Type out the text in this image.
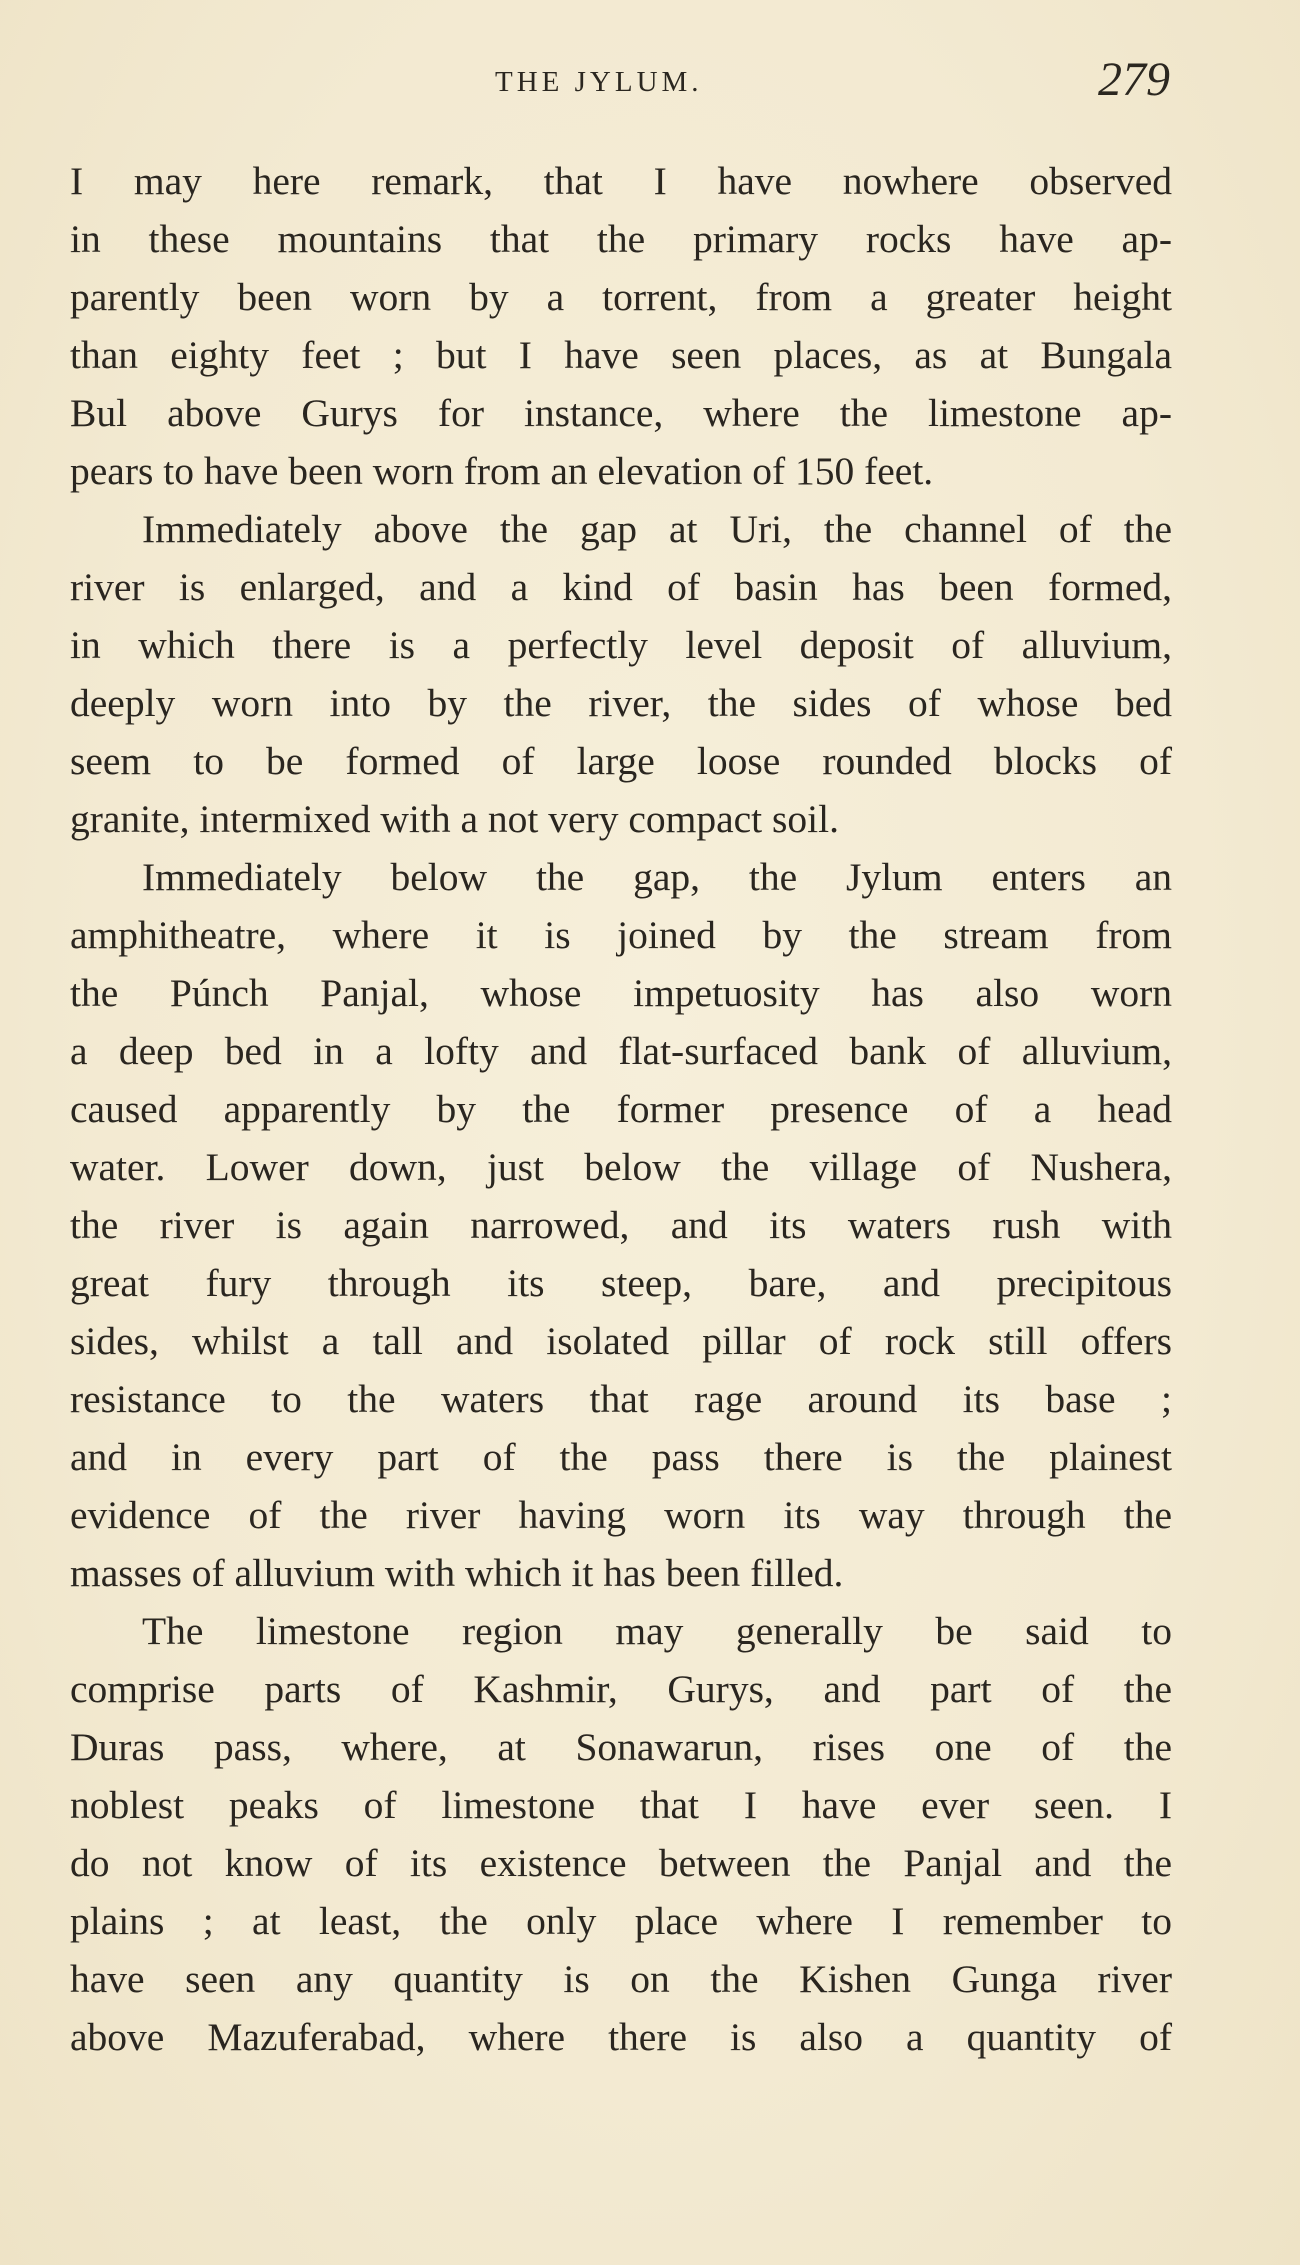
THE JYLUM.	279
I may here remark, that I have nowhere observed
in these mountains that the primary rocks have ap-
parently been worn by a torrent, from a greater height
than eighty feet ; but I have seen places, as at Bungala
Bul above Gurys for instance, where the limestone ap-
pears to have been worn from an elevation of 150 feet.
Immediately above the gap at Uri, the channel of the
river is enlarged, and a kind of basin has been formed,
in which there is a perfectly level deposit of alluvium,
deeply worn into by the river, the sides of whose bed
seem to be formed of large loose rounded blocks of
granite, intermixed with a not very compact soil.
Immediately below the gap, the Jylum enters an
amphitheatre, where it is joined by the stream from
the Púnch Panjal, whose impetuosity has also worn
a deep bed in a lofty and flat-surfaced bank of alluvium,
caused apparently by the former presence of a head
water. Lower down, just below the village of Nushera,
the river is again narrowed, and its waters rush with
great fury through its steep, bare, and precipitous
sides, whilst a tall and isolated pillar of rock still offers
resistance to the waters that rage around its base ;
and in every part of the pass there is the plainest
evidence of the river having worn its way through the
masses of alluvium with which it has been filled.
The limestone region may generally be said to
comprise parts of Kashmir, Gurys, and part of the
Duras pass, where, at Sonawarun, rises one of the
noblest peaks of limestone that I have ever seen. I
do not know of its existence between the Panjal and the
plains ; at least, the only place where I remember to
have seen any quantity is on the Kishen Gunga river
above Mazuferabad, where there is also a quantity of
